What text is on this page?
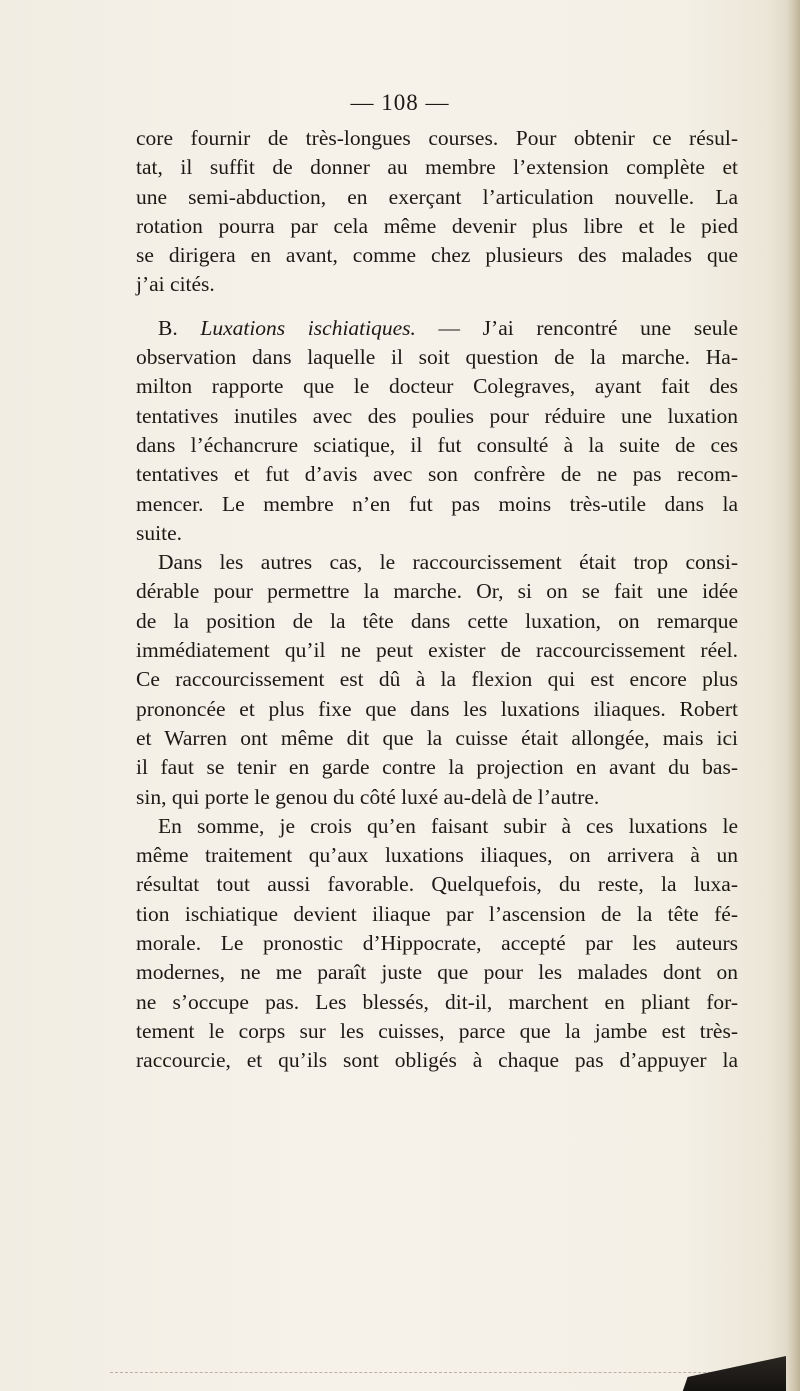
— 108 —
core fournir de très-longues courses. Pour obtenir ce résul-
tat, il suffit de donner au membre l’extension complète et
une semi-abduction, en exerçant l’articulation nouvelle. La
rotation pourra par cela même devenir plus libre et le pied
se dirigera en avant, comme chez plusieurs des malades que
j’ai cités.
B. Luxations ischiatiques. — J’ai rencontré une seule
observation dans laquelle il soit question de la marche. Ha-
milton rapporte que le docteur Colegraves, ayant fait des
tentatives inutiles avec des poulies pour réduire une luxation
dans l’échancrure sciatique, il fut consulté à la suite de ces
tentatives et fut d’avis avec son confrère de ne pas recom-
mencer. Le membre n’en fut pas moins très-utile dans la
suite.
Dans les autres cas, le raccourcissement était trop consi-
dérable pour permettre la marche. Or, si on se fait une idée
de la position de la tête dans cette luxation, on remarque
immédiatement qu’il ne peut exister de raccourcissement réel.
Ce raccourcissement est dû à la flexion qui est encore plus
prononcée et plus fixe que dans les luxations iliaques. Robert
et Warren ont même dit que la cuisse était allongée, mais ici
il faut se tenir en garde contre la projection en avant du bas-
sin, qui porte le genou du côté luxé au-delà de l’autre.
En somme, je crois qu’en faisant subir à ces luxations le
même traitement qu’aux luxations iliaques, on arrivera à un
résultat tout aussi favorable. Quelquefois, du reste, la luxa-
tion ischiatique devient iliaque par l’ascension de la tête fé-
morale. Le pronostic d’Hippocrate, accepté par les auteurs
modernes, ne me paraît juste que pour les malades dont on
ne s’occupe pas. Les blessés, dit-il, marchent en pliant for-
tement le corps sur les cuisses, parce que la jambe est très-
raccourcie, et qu’ils sont obligés à chaque pas d’appuyer la
